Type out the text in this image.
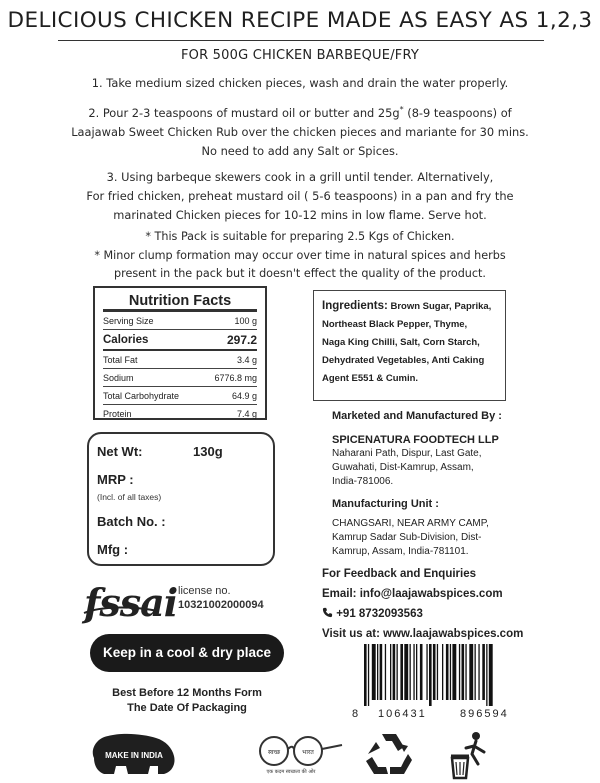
DELICIOUS CHICKEN RECIPE MADE AS EASY AS 1,2,3
FOR 500G CHICKEN BARBEQUE/FRY

1. Take medium sized chicken pieces, wash and drain the water properly.

2. Pour 2-3 teaspoons of mustard oil or butter and 25g* (8-9 teaspoons) of

Laajawab Sweet Chicken Rub over the chicken pieces and mariante for 30 mins.

No need to add any Salt or Spices.

3. Using barbeque skewers cook in a grill until tender. Alternatively,

For fried chicken, preheat mustard oil ( 5-6 teaspoons) in a pan and fry the

marinated Chicken pieces for 10-12 mins in low flame. Serve hot.

* This Pack is suitable for preparing 2.5 Kgs of Chicken.
* Minor clump formation may occur over time in natural spices and herbs
present in the pack but it doesn't effect the quality of the product.
Nutrition Facts
Serving Size	100 g
Calories	297.2
Total Fat	3.4 g
Sodium	6776.8 mg
Total Carbohydrate	64.9 g
Protein	7.4 g
Ingredients: Brown Sugar, Paprika,
Northeast Black Pepper, Thyme,
Naga King Chilli, Salt, Corn Starch,
Dehydrated Vegetables, Anti Caking
Agent E551 & Cumin.
Net Wt:	130g
MRP :
(Incl. of all taxes)
Batch No. :
Mfg :
Marketed and Manufactured By :
SPICENATURA FOODTECH LLP
Naharani Path, Dispur, Last Gate,
Guwahati, Dist-Kamrup, Assam,
India-781006.
Manufacturing Unit :
CHANGSARI, NEAR ARMY CAMP,
Kamrup Sadar Sub-Division, Dist-
Kamrup, Assam, India-781101.
For Feedback and Enquiries
Email: info@laajawabspices.com
+91 8732093563
Visit us at: www.laajawabspices.com
fssai license no.
10321002000094
Keep in a cool & dry place
Best Before 12 Months Form
The Date Of Packaging	8 106431	896594
MAKE IN INDIA	स्वच्छ	भारत
एक कदम स्वच्छता की ओर
